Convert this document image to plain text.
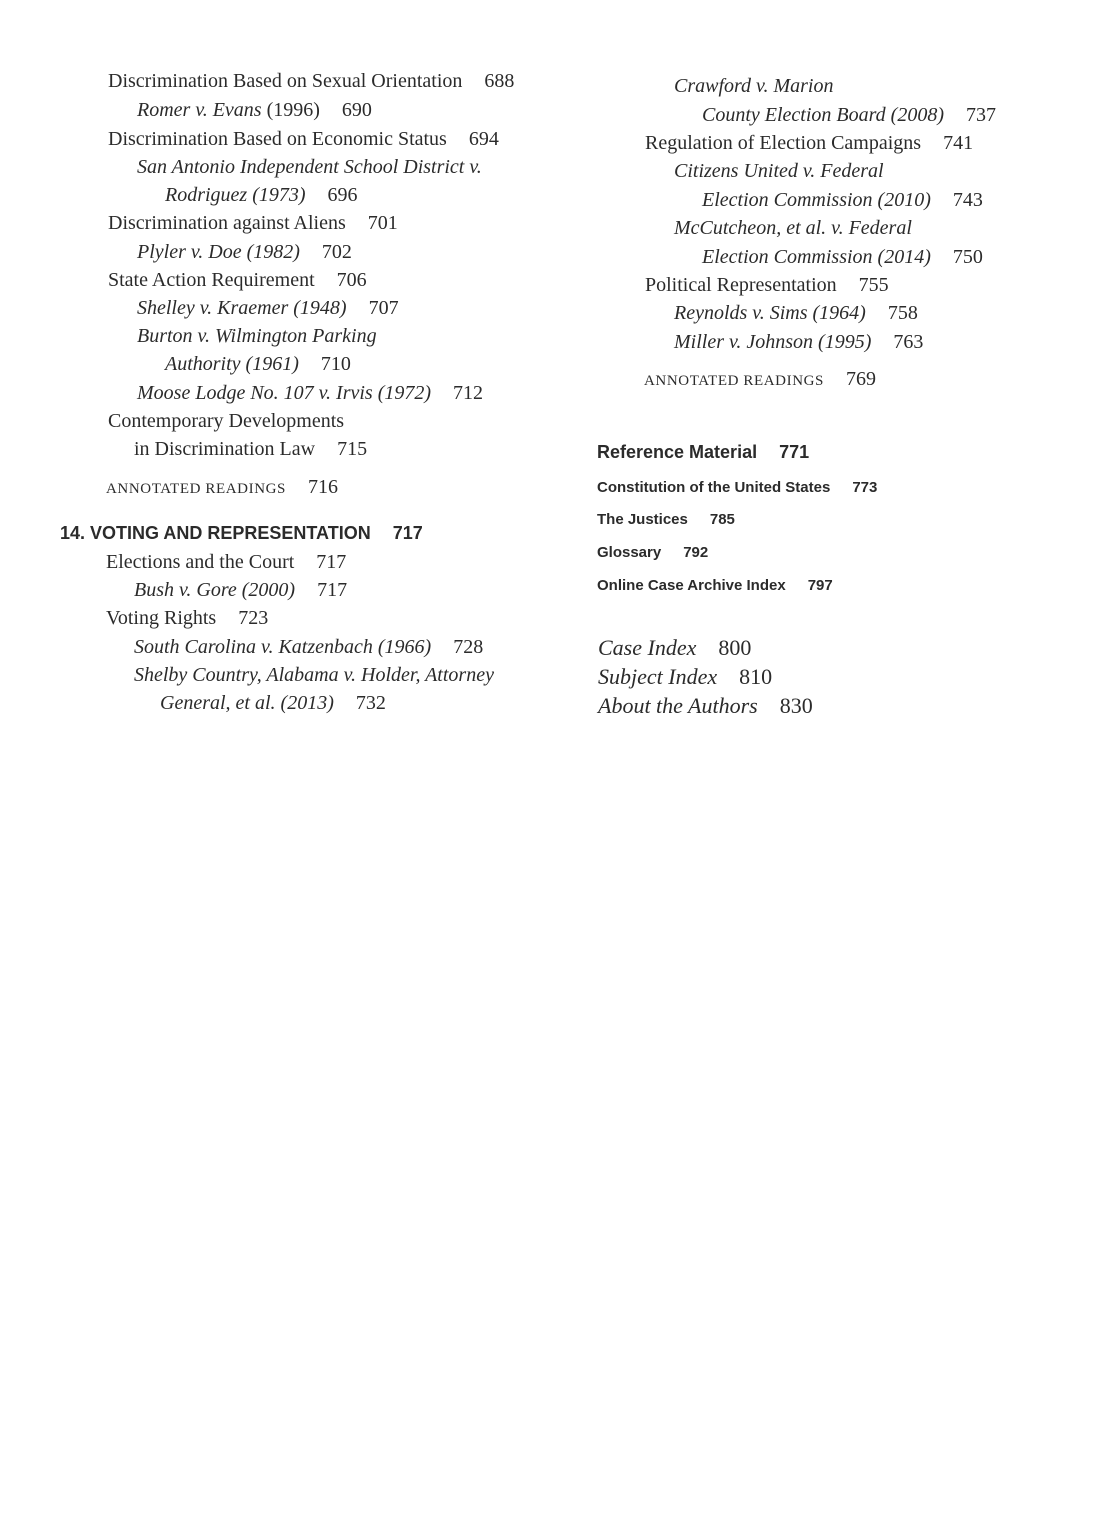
Discrimination Based on Sexual Orientation 688
Romer v. Evans (1996) 690
Discrimination Based on Economic Status 694
San Antonio Independent School District v.
Rodriguez (1973) 696
Discrimination against Aliens 701
Plyler v. Doe (1982) 702
State Action Requirement 706
Shelley v. Kraemer (1948) 707
Burton v. Wilmington Parking
Authority (1961) 710
Moose Lodge No. 107 v. Irvis (1972) 712
Contemporary Developments
in Discrimination Law 715
ANNOTATED READINGS 716
14. VOTING AND REPRESENTATION 717
Elections and the Court 717
Bush v. Gore (2000) 717
Voting Rights 723
South Carolina v. Katzenbach (1966) 728
Shelby Country, Alabama v. Holder, Attorney
General, et al. (2013) 732
Crawford v. Marion
County Election Board (2008) 737
Regulation of Election Campaigns 741
Citizens United v. Federal
Election Commission (2010) 743
McCutcheon, et al. v. Federal
Election Commission (2014) 750
Political Representation 755
Reynolds v. Sims (1964) 758
Miller v. Johnson (1995) 763
ANNOTATED READINGS 769
Reference Material 771
Constitution of the United States 773
The Justices 785
Glossary 792
Online Case Archive Index 797
Case Index 800
Subject Index 810
About the Authors 830
